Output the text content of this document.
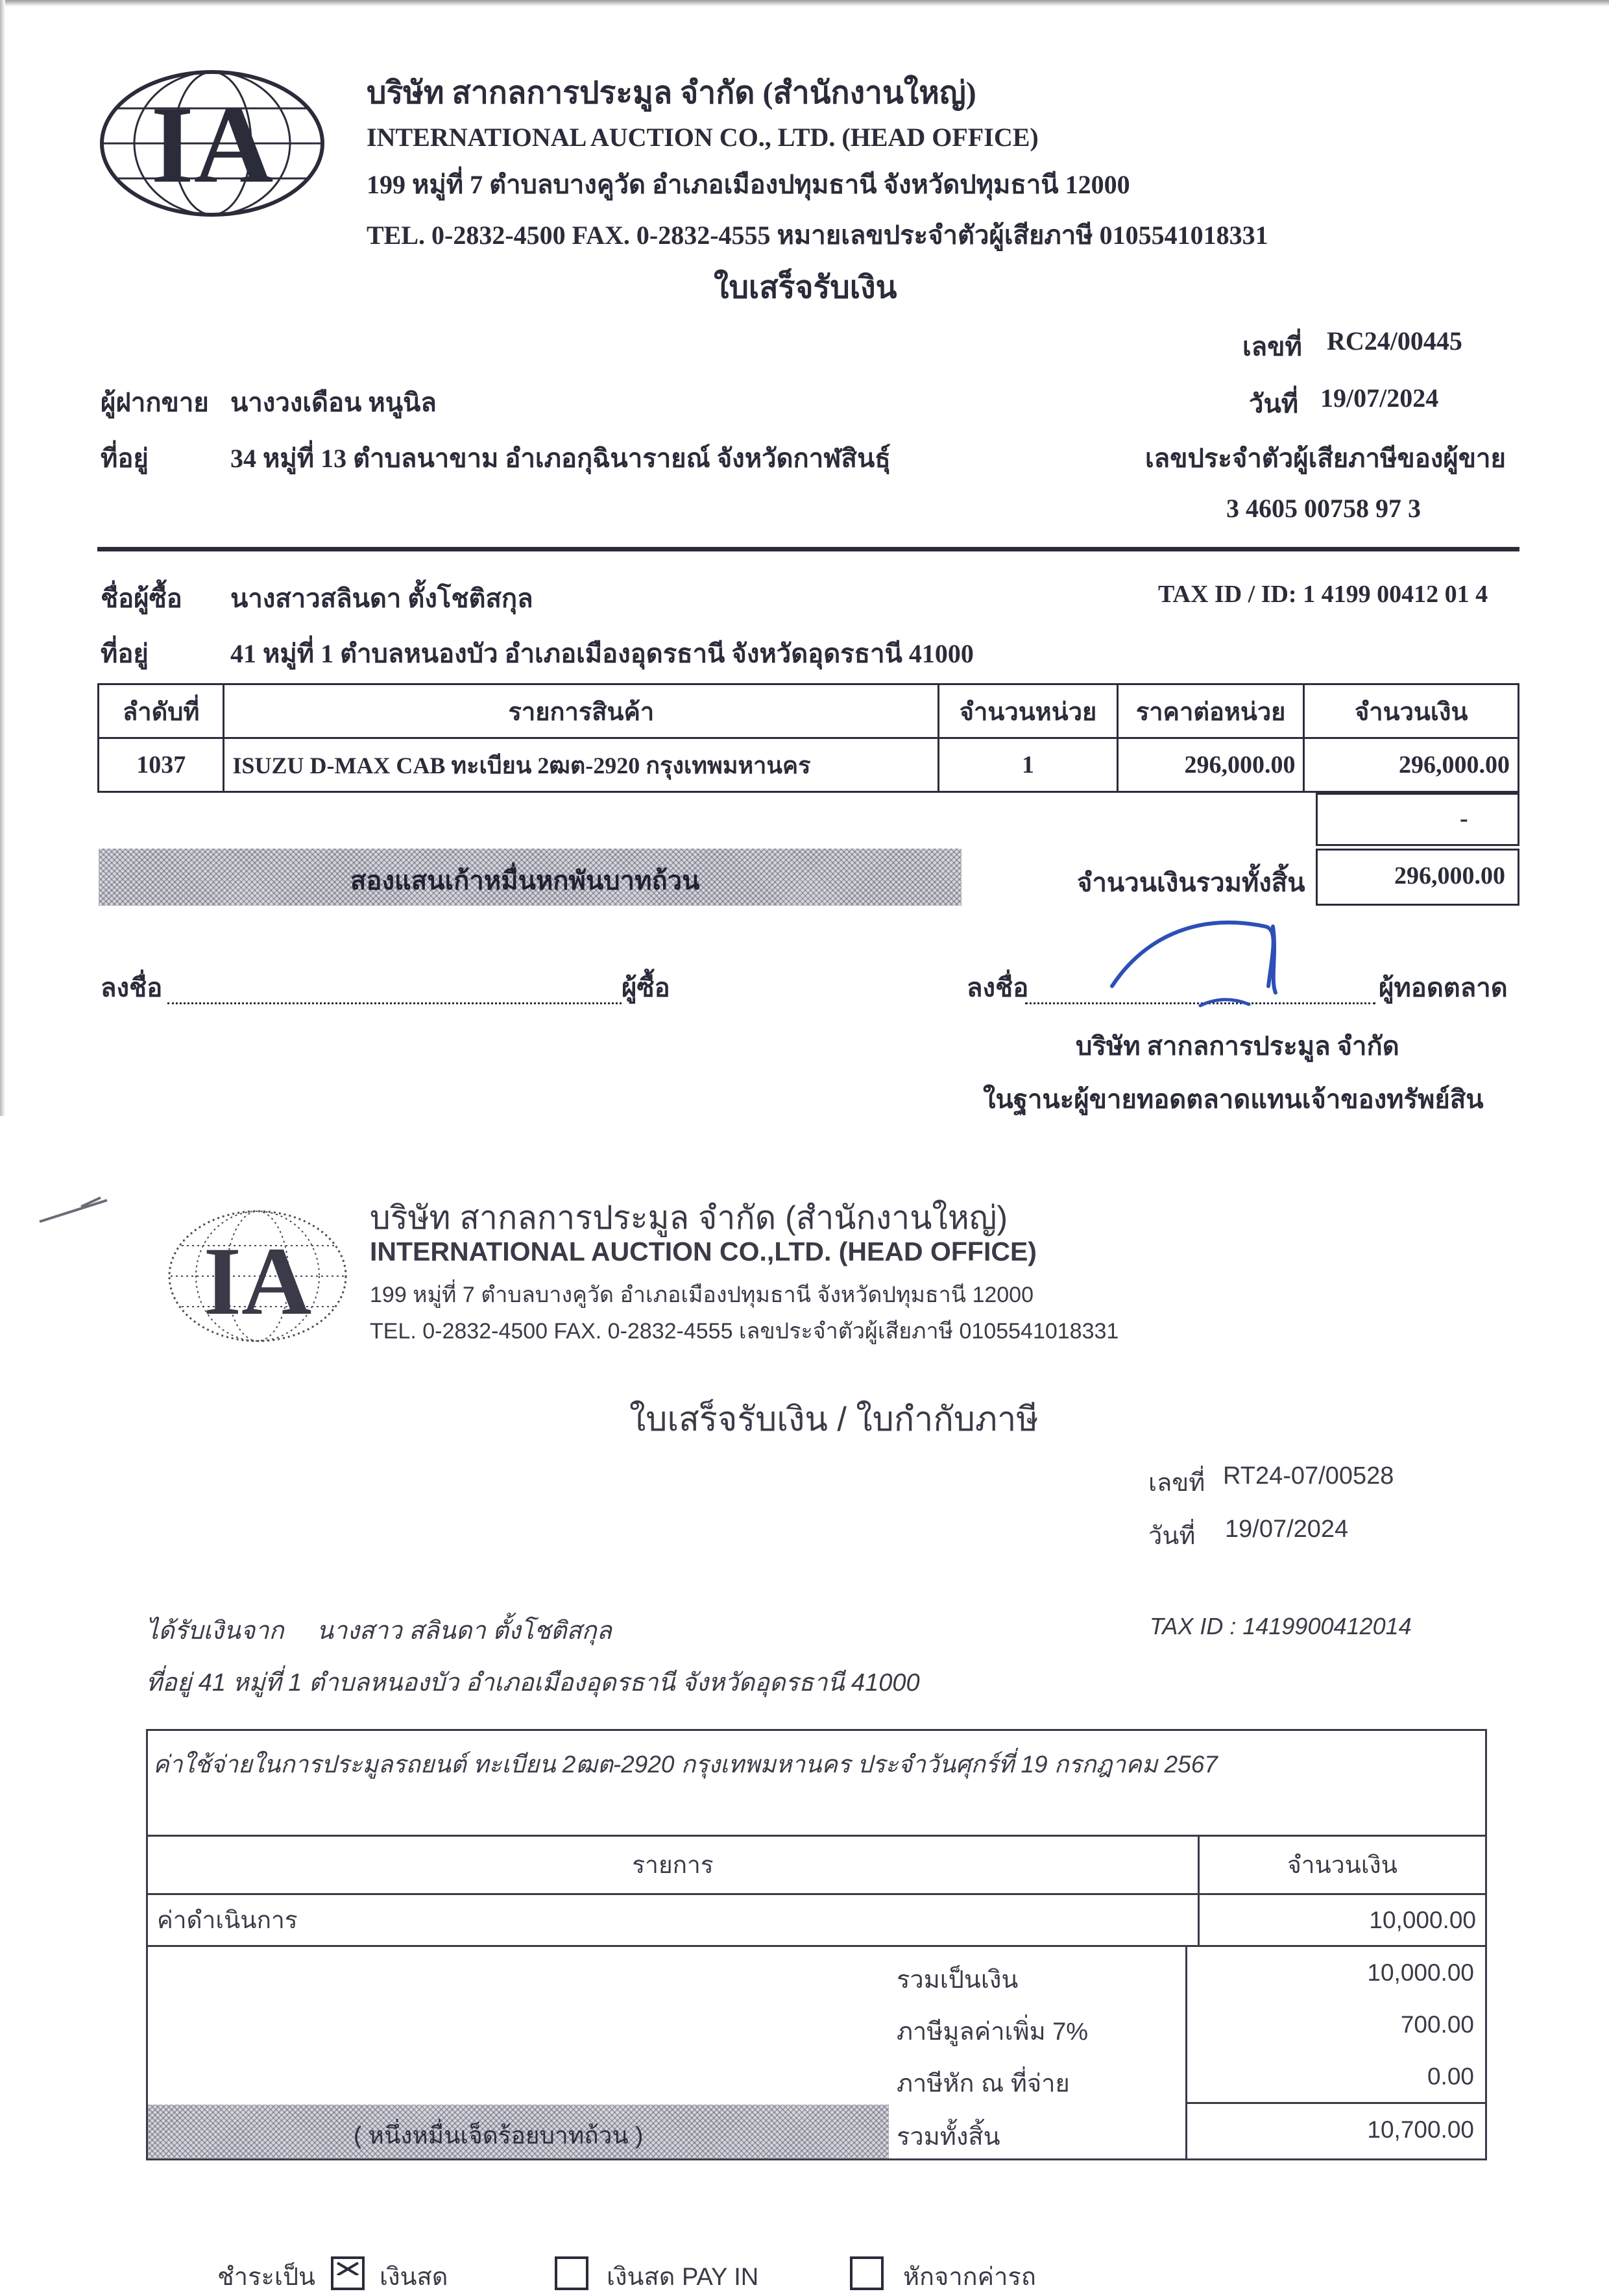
IA	บริษัท สากลการประมูล จำกัด (สำนักงานใหญ่)
INTERNATIONAL AUCTION CO., LTD. (HEAD OFFICE)
199 หมู่ที่ 7 ตำบลบางคูวัด อำเภอเมืองปทุมธานี จังหวัดปทุมธานี 12000
TEL. 0-2832-4500 FAX. 0-2832-4555 หมายเลขประจำตัวผู้เสียภาษี 0105541018331
ใบเสร็จรับเงิน
เลขที่ RC24/00445
วันที่ 19/07/2024
ผู้ฝากขาย นางวงเดือน หนูนิล
ที่อยู่	34 หมู่ที่ 13 ตำบลนาขาม อำเภอกุฉินารายณ์ จังหวัดกาฬสินธุ์	เลขประจำตัวผู้เสียภาษีของผู้ขาย
3 4605 00758 97 3
ชื่อผู้ซื้อ นางสาวสลินดา ตั้งโชติสกุล	TAX ID / ID: 1 4199 00412 01 4
ที่อยู่	41 หมู่ที่ 1 ตำบลหนองบัว อำเภอเมืองอุดรธานี จังหวัดอุดรธานี 41000
ลำดับที่	รายการสินค้า	จำนวนหน่วย	ราคาต่อหน่วย	จำนวนเงิน
1037	ISUZU D-MAX CAB ทะเบียน 2ฒต-2920 กรุงเทพมหานคร	1	296,000.00	296,000.00
-
สองแสนเก้าหมื่นหกพันบาทถ้วน	จำนวนเงินรวมทั้งสิ้น	296,000.00
ลงชื่อ	ผู้ซื้อ	ลงชื่อ	ผู้ทอดตลาด
บริษัท สากลการประมูล จำกัด
ในฐานะผู้ขายทอดตลาดแทนเจ้าของทรัพย์สิน
IA
บริษัท สากลการประมูล จำกัด (สำนักงานใหญ่)
INTERNATIONAL AUCTION CO.,LTD. (HEAD OFFICE)
199 หมู่ที่ 7 ตำบลบางคูวัด อำเภอเมืองปทุมธานี จังหวัดปทุมธานี 12000
TEL. 0-2832-4500 FAX. 0-2832-4555 เลขประจำตัวผู้เสียภาษี 0105541018331
ใบเสร็จรับเงิน / ใบกำกับภาษี
เลขที่ RT24-07/00528
วันที่ 19/07/2024
ได้รับเงินจาก นางสาว สลินดา ตั้งโชติสกุล	TAX ID : 1419900412014
ที่อยู่ 41 หมู่ที่ 1 ตำบลหนองบัว อำเภอเมืองอุดรธานี จังหวัดอุดรธานี 41000
ค่าใช้จ่ายในการประมูลรถยนต์ ทะเบียน 2ฒต-2920 กรุงเทพมหานคร ประจำวันศุกร์ที่ 19 กรกฎาคม 2567
รายการ	จำนวนเงิน
ค่าดำเนินการ	10,000.00
รวมเป็นเงิน	10,000.00
ภาษีมูลค่าเพิ่ม 7%	700.00
ภาษีหัก ณ ที่จ่าย	0.00
( หนึ่งหมื่นเจ็ดร้อยบาทถ้วน )	รวมทั้งสิ้น	10,700.00
ชำระเป็น	เงินสด	เงินสด PAY IN	หักจากค่ารถ
